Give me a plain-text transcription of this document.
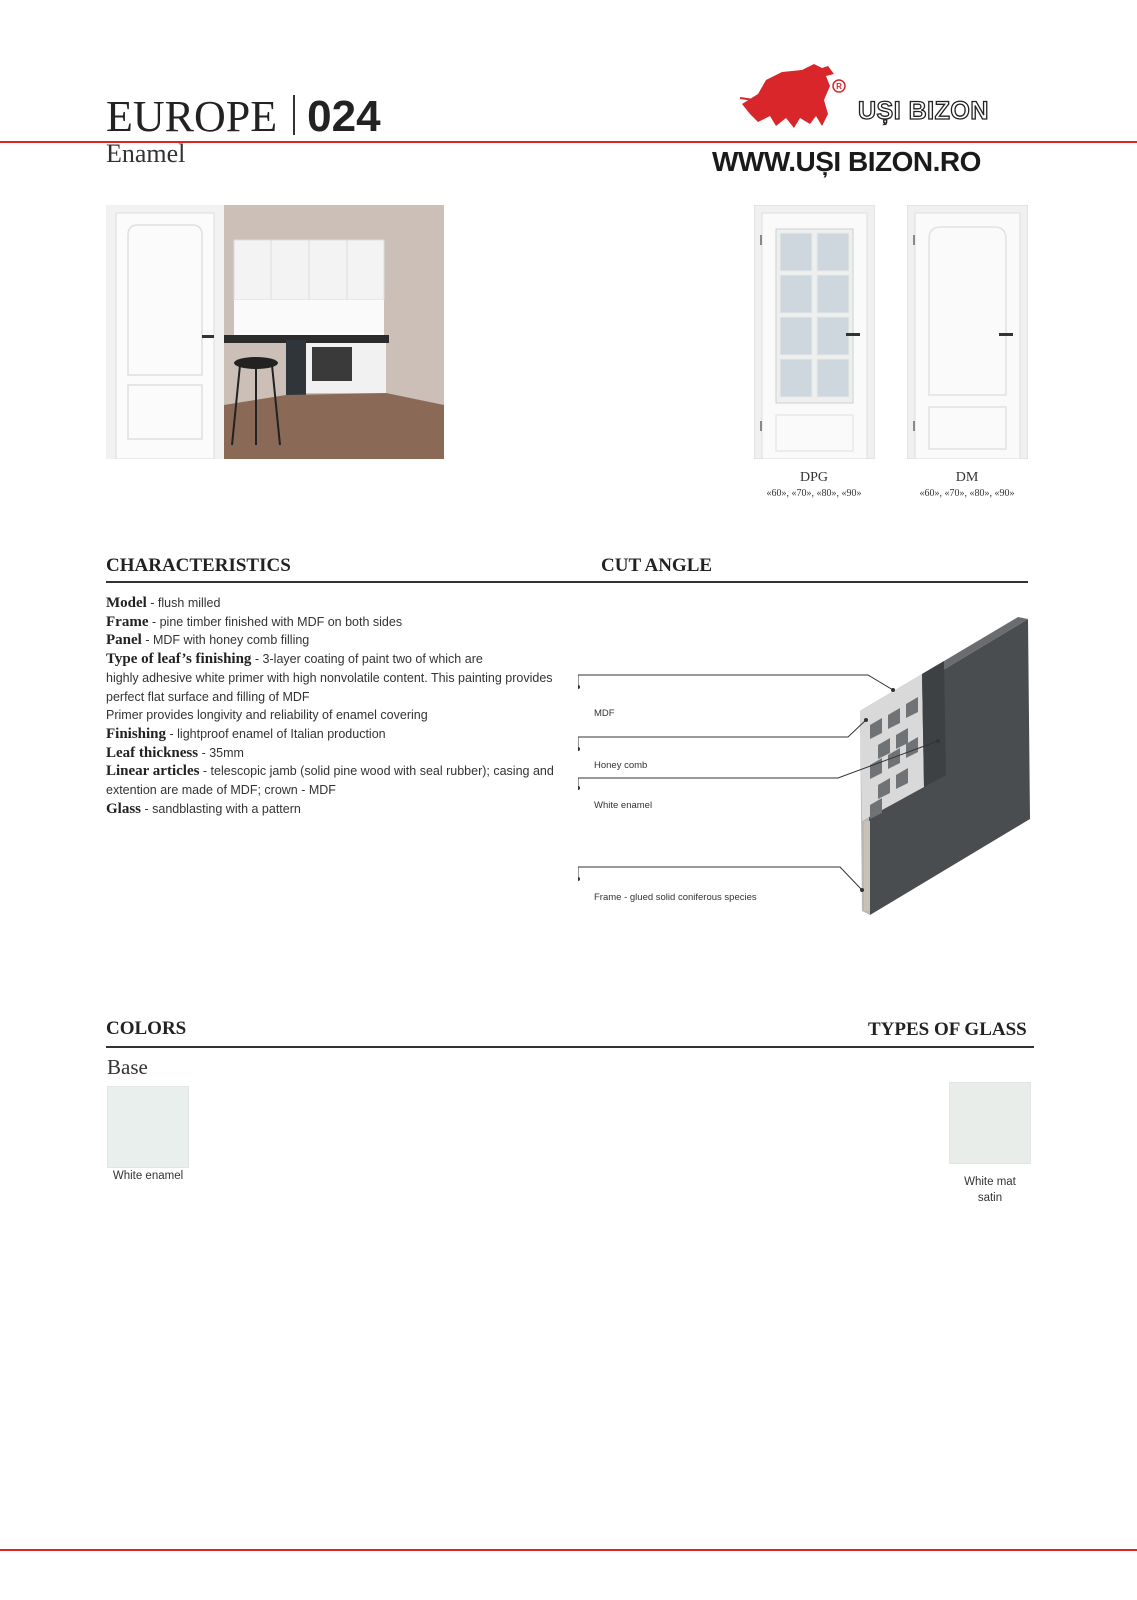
EUROPE 024
Enamel
R
UȘI BIZON
WWW.UȘI BIZON.RO
DPG
«60», «70», «80», «90»
DM
«60», «70», «80», «90»
CHARACTERISTICS	CUT ANGLE
Model - flush milled
Frame - pine timber finished with MDF on both sides
Panel - MDF with honey comb filling
Type of leaf’s finishing - 3-layer coating of paint two of which are
highly adhesive white primer with high nonvolatile content. This painting provides
perfect flat surface and filling of MDF
Primer provides longivity and reliability of enamel covering
Finishing - lightproof enamel of Italian production
Leaf thickness - 35mm
Linear articles - telescopic jamb (solid pine wood with seal rubber); casing and
extention are made of MDF; crown - MDF
Glass - sandblasting with a pattern
MDF
Honey comb
White enamel
Frame - glued solid coniferous species
COLORS	TYPES OF GLASS
Base
White enamel	White mat
satin
